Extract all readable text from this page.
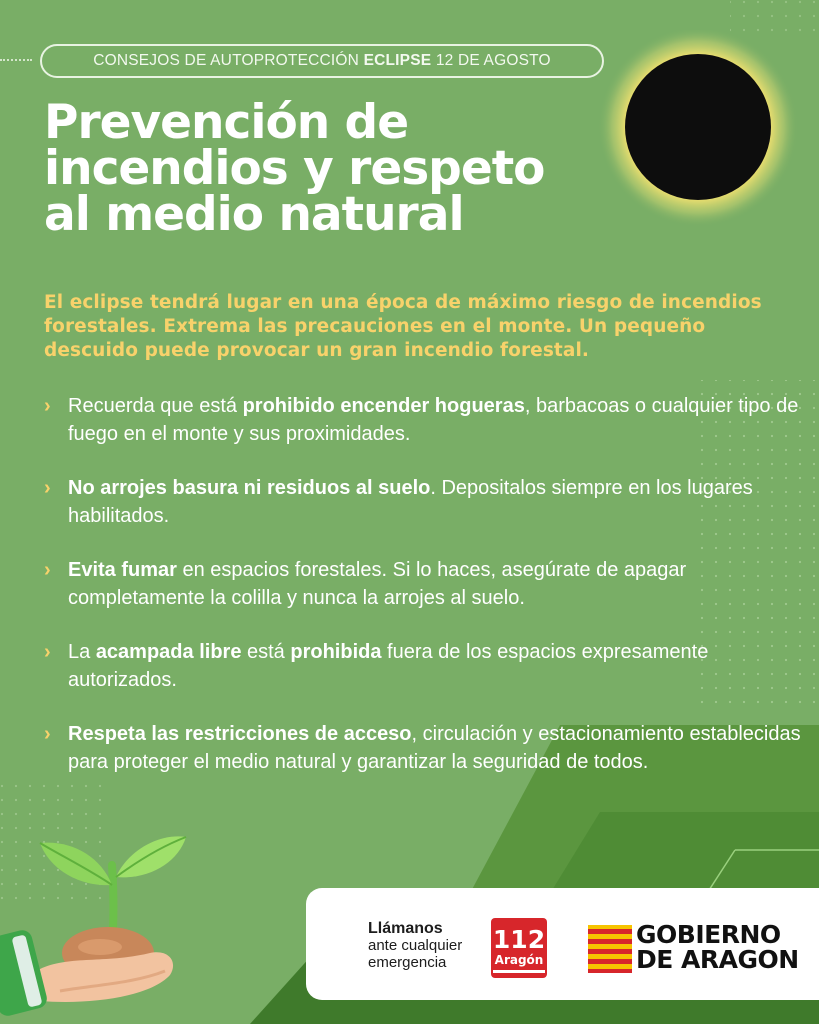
CONSEJOS DE AUTOPROTECCIÓN ECLIPSE 12 DE AGOSTO
Prevención de incendios y respeto al medio natural

El eclipse tendrá lugar en una época de máximo riesgo de incendios forestales. Extrema las precauciones en el monte. Un pequeño descuido puede provocar un gran incendio forestal.

› Recuerda que está prohibido encender hogueras, barbacoas o cualquier tipo de fuego en el monte y sus proximidades.
› No arrojes basura ni residuos al suelo. Depositalos siempre en los lugares habilitados.
› Evita fumar en espacios forestales. Si lo haces, asegúrate de apagar completamente la colilla y nunca la arrojes al suelo.
› La acampada libre está prohibida fuera de los espacios expresamente autorizados.
› Respeta las restricciones de acceso, circulación y estacionamiento establecidas para proteger el medio natural y garantizar la seguridad de todos.
Llámanos
ante cualquier
emergencia
112
Aragón
GOBIERNO
DE ARAGON
